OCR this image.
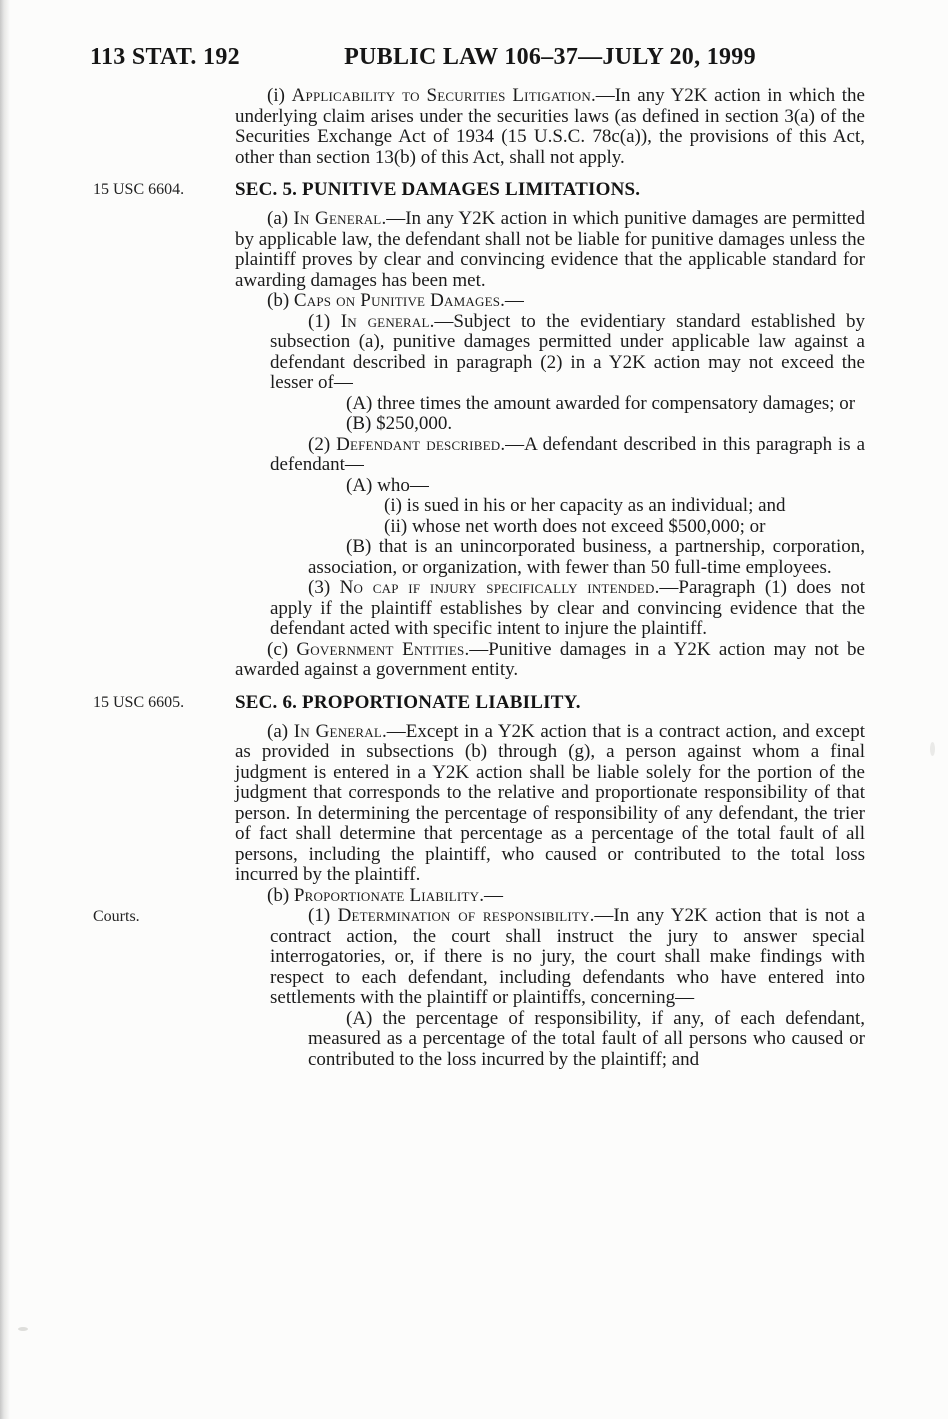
113 STAT. 192	PUBLIC LAW 106–37—JULY 20, 1999

(i) Applicability to Securities Litigation.—In any Y2K action in which the underlying claim arises under the securities laws (as defined in section 3(a) of the Securities Exchange Act of 1934 (15 U.S.C. 78c(a)), the provisions of this Act, other than section 13(b) of this Act, shall not apply.

15 USC 6604.	SEC. 5. PUNITIVE DAMAGES LIMITATIONS.

(a) In General.—In any Y2K action in which punitive damages are permitted by applicable law, the defendant shall not be liable for punitive damages unless the plaintiff proves by clear and convincing evidence that the applicable standard for awarding damages has been met.

(b) Caps on Punitive Damages.—

(1) In general.—Subject to the evidentiary standard established by subsection (a), punitive damages permitted under applicable law against a defendant described in paragraph (2) in a Y2K action may not exceed the lesser of—

(A) three times the amount awarded for compensatory damages; or

(B) $250,000.

(2) Defendant described.—A defendant described in this paragraph is a defendant—

(A) who—

(i) is sued in his or her capacity as an individual; and

(ii) whose net worth does not exceed $500,000; or

(B) that is an unincorporated business, a partnership, corporation, association, or organization, with fewer than 50 full-time employees.

(3) No cap if injury specifically intended.—Paragraph (1) does not apply if the plaintiff establishes by clear and convincing evidence that the defendant acted with specific intent to injure the plaintiff.

(c) Government Entities.—Punitive damages in a Y2K action may not be awarded against a government entity.

15 USC 6605.	SEC. 6. PROPORTIONATE LIABILITY.

(a) In General.—Except in a Y2K action that is a contract action, and except as provided in subsections (b) through (g), a person against whom a final judgment is entered in a Y2K action shall be liable solely for the portion of the judgment that corresponds to the relative and proportionate responsibility of that person. In determining the percentage of responsibility of any defendant, the trier of fact shall determine that percentage as a percentage of the total fault of all persons, including the plaintiff, who caused or contributed to the total loss incurred by the plaintiff.

(b) Proportionate Liability.—

Courts.	(1) Determination of responsibility.—In any Y2K action that is not a contract action, the court shall instruct the jury to answer special interrogatories, or, if there is no jury, the court shall make findings with respect to each defendant, including defendants who have entered into settlements with the plaintiff or plaintiffs, concerning—

(A) the percentage of responsibility, if any, of each defendant, measured as a percentage of the total fault of all persons who caused or contributed to the loss incurred by the plaintiff; and
